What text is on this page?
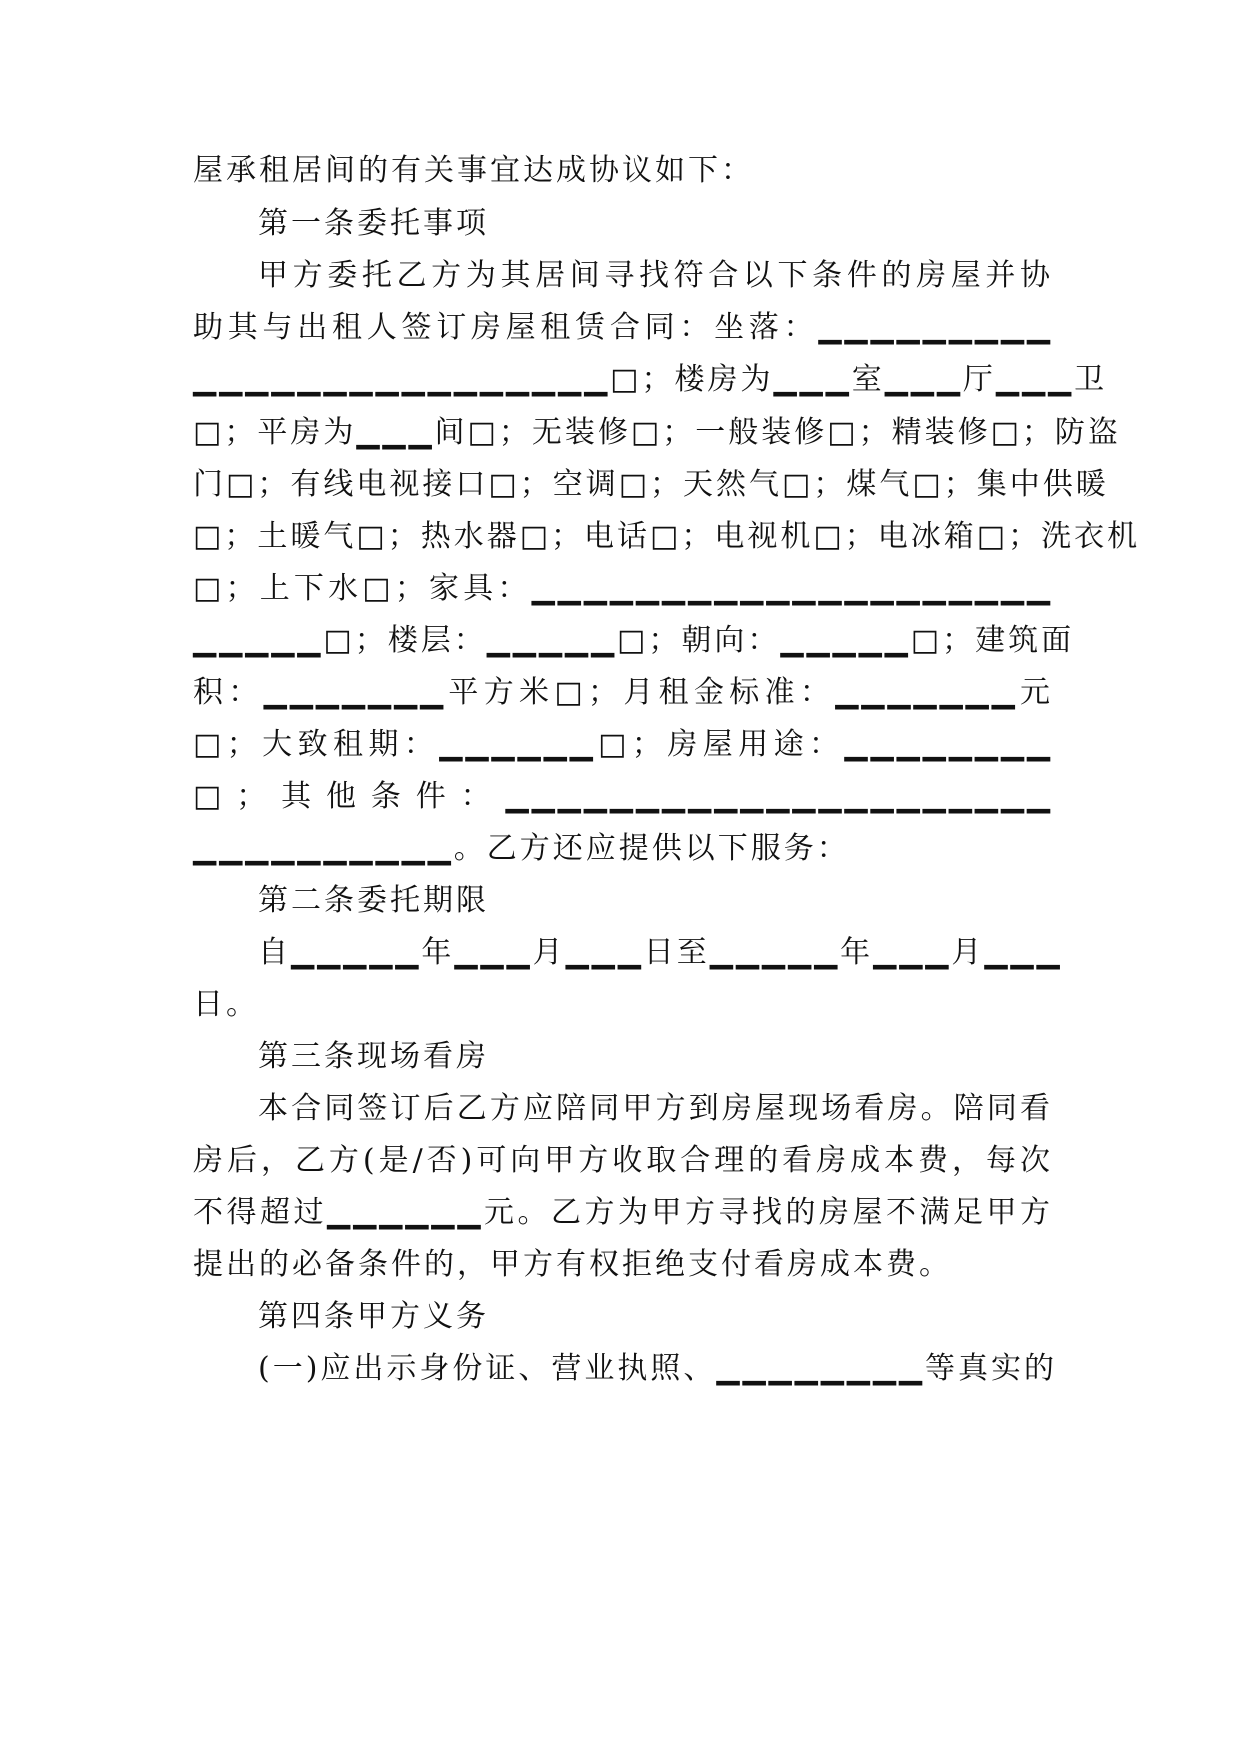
屋承租居间的有关事宜达成协议如下：
第一条委托事项
甲方委托乙方为其居间寻找符合以下条件的房屋并协
助其与出租人签订房屋租赁合同：坐落：▁▁▁▁▁▁▁▁▁
▁▁▁▁▁▁▁▁▁▁▁▁▁▁▁▁□；楼房为▁▁▁室▁▁▁厅▁▁▁卫
□；平房为▁▁▁间□；无装修□；一般装修□；精装修□；防盗
门□；有线电视接口□；空调□；天然气□；煤气□；集中供暖
□；土暖气□；热水器□；电话□；电视机□；电冰箱□；洗衣机
□；上下水□；家具：▁▁▁▁▁▁▁▁▁▁▁▁▁▁▁▁▁▁▁▁
▁▁▁▁▁□；楼层：▁▁▁▁▁□；朝向：▁▁▁▁▁□；建筑面
积：▁▁▁▁▁▁▁平方米□；月租金标准：▁▁▁▁▁▁▁元
□；大致租期：▁▁▁▁▁▁□；房屋用途：▁▁▁▁▁▁▁▁
□；其他条件：▁▁▁▁▁▁▁▁▁▁▁▁▁▁▁▁▁▁▁▁▁
▁▁▁▁▁▁▁▁▁▁。乙方还应提供以下服务：
第二条委托期限
自▁▁▁▁▁年▁▁▁月▁▁▁日至▁▁▁▁▁年▁▁▁月▁▁▁
日。
第三条现场看房
本合同签订后乙方应陪同甲方到房屋现场看房。陪同看
房后，乙方(是/否)可向甲方收取合理的看房成本费，每次
不得超过▁▁▁▁▁▁元。乙方为甲方寻找的房屋不满足甲方
提出的必备条件的，甲方有权拒绝支付看房成本费。
第四条甲方义务
(一)应出示身份证、营业执照、▁▁▁▁▁▁▁▁等真实的
